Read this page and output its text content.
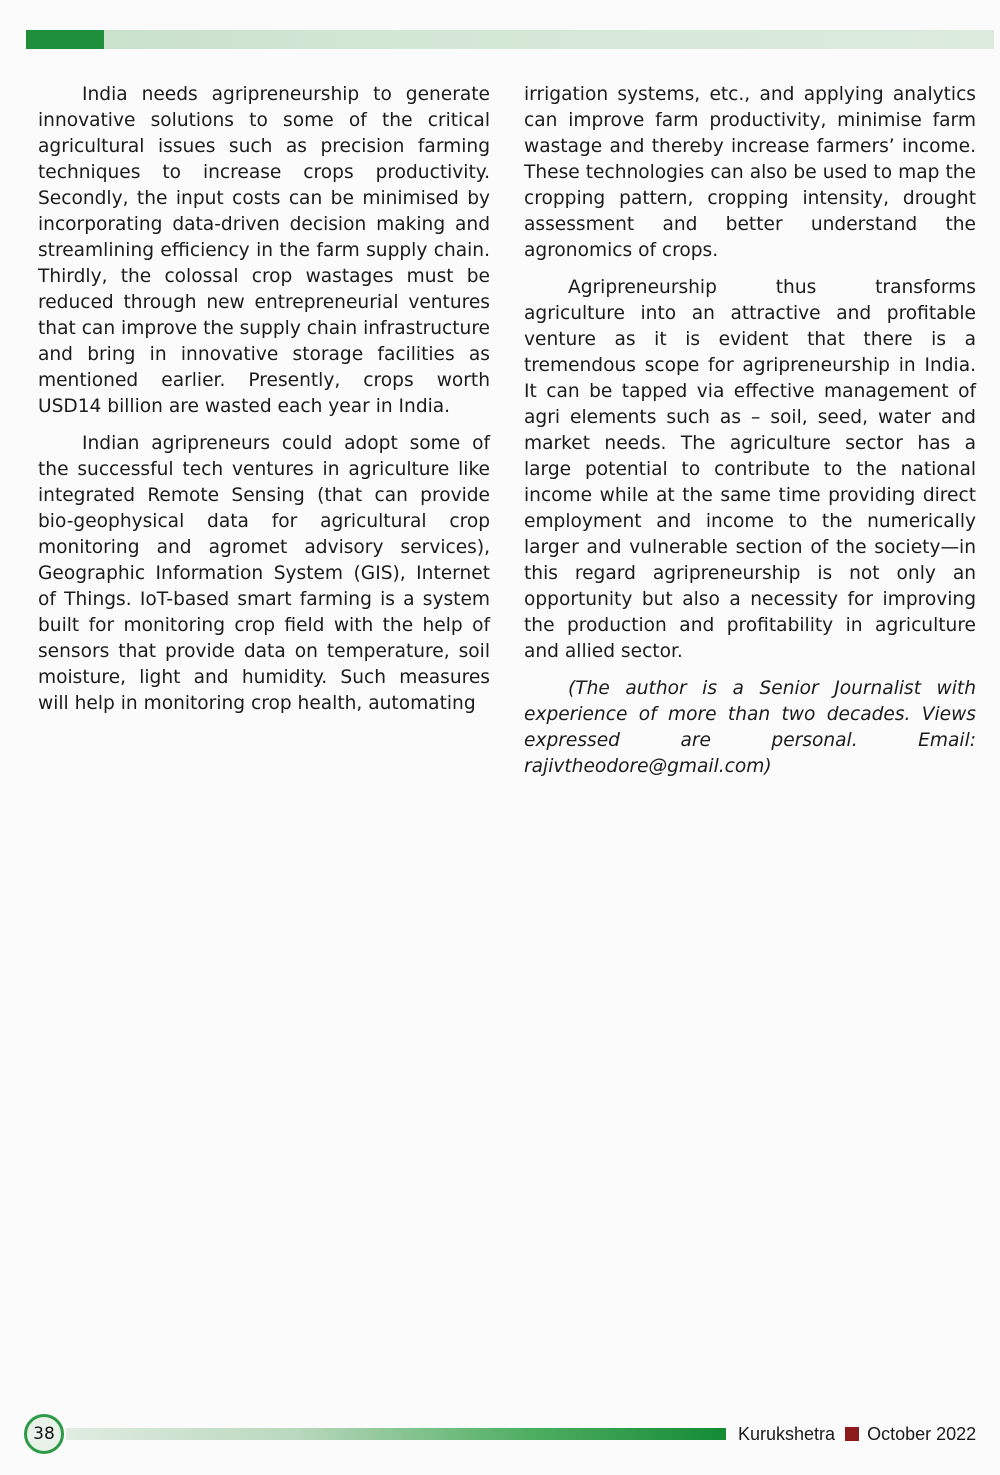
India needs agripreneurship to generate innovative solutions to some of the critical agricultural issues such as precision farming techniques to increase crops productivity. Secondly, the input costs can be minimised by incorporating data-driven decision making and streamlining efficiency in the farm supply chain. Thirdly, the colossal crop wastages must be reduced through new entrepreneurial ventures that can improve the supply chain infrastructure and bring in innovative storage facilities as mentioned earlier. Presently, crops worth USD14 billion are wasted each year in India.

Indian agripreneurs could adopt some of the successful tech ventures in agriculture like integrated Remote Sensing (that can provide bio-geophysical data for agricultural crop monitoring and agromet advisory services), Geographic Information System (GIS), Internet of Things. IoT-based smart farming is a system built for monitoring crop field with the help of sensors that provide data on temperature, soil moisture, light and humidity. Such measures will help in monitoring crop health, automating

irrigation systems, etc., and applying analytics can improve farm productivity, minimise farm wastage and thereby increase farmers’ income. These technologies can also be used to map the cropping pattern, cropping intensity, drought assessment and better understand the agronomics of crops.

Agripreneurship thus transforms agriculture into an attractive and profitable venture as it is evident that there is a tremendous scope for agripreneurship in India. It can be tapped via effective management of agri elements such as – soil, seed, water and market needs. The agriculture sector has a large potential to contribute to the national income while at the same time providing direct employment and income to the numerically larger and vulnerable section of the society—in this regard agripreneurship is not only an opportunity but also a necessity for improving the production and profitability in agriculture and allied sector.

(The author is a Senior Journalist with experience of more than two decades. Views expressed are personal. Email: rajivtheodore@gmail.com)

38	Kurukshetra October 2022
